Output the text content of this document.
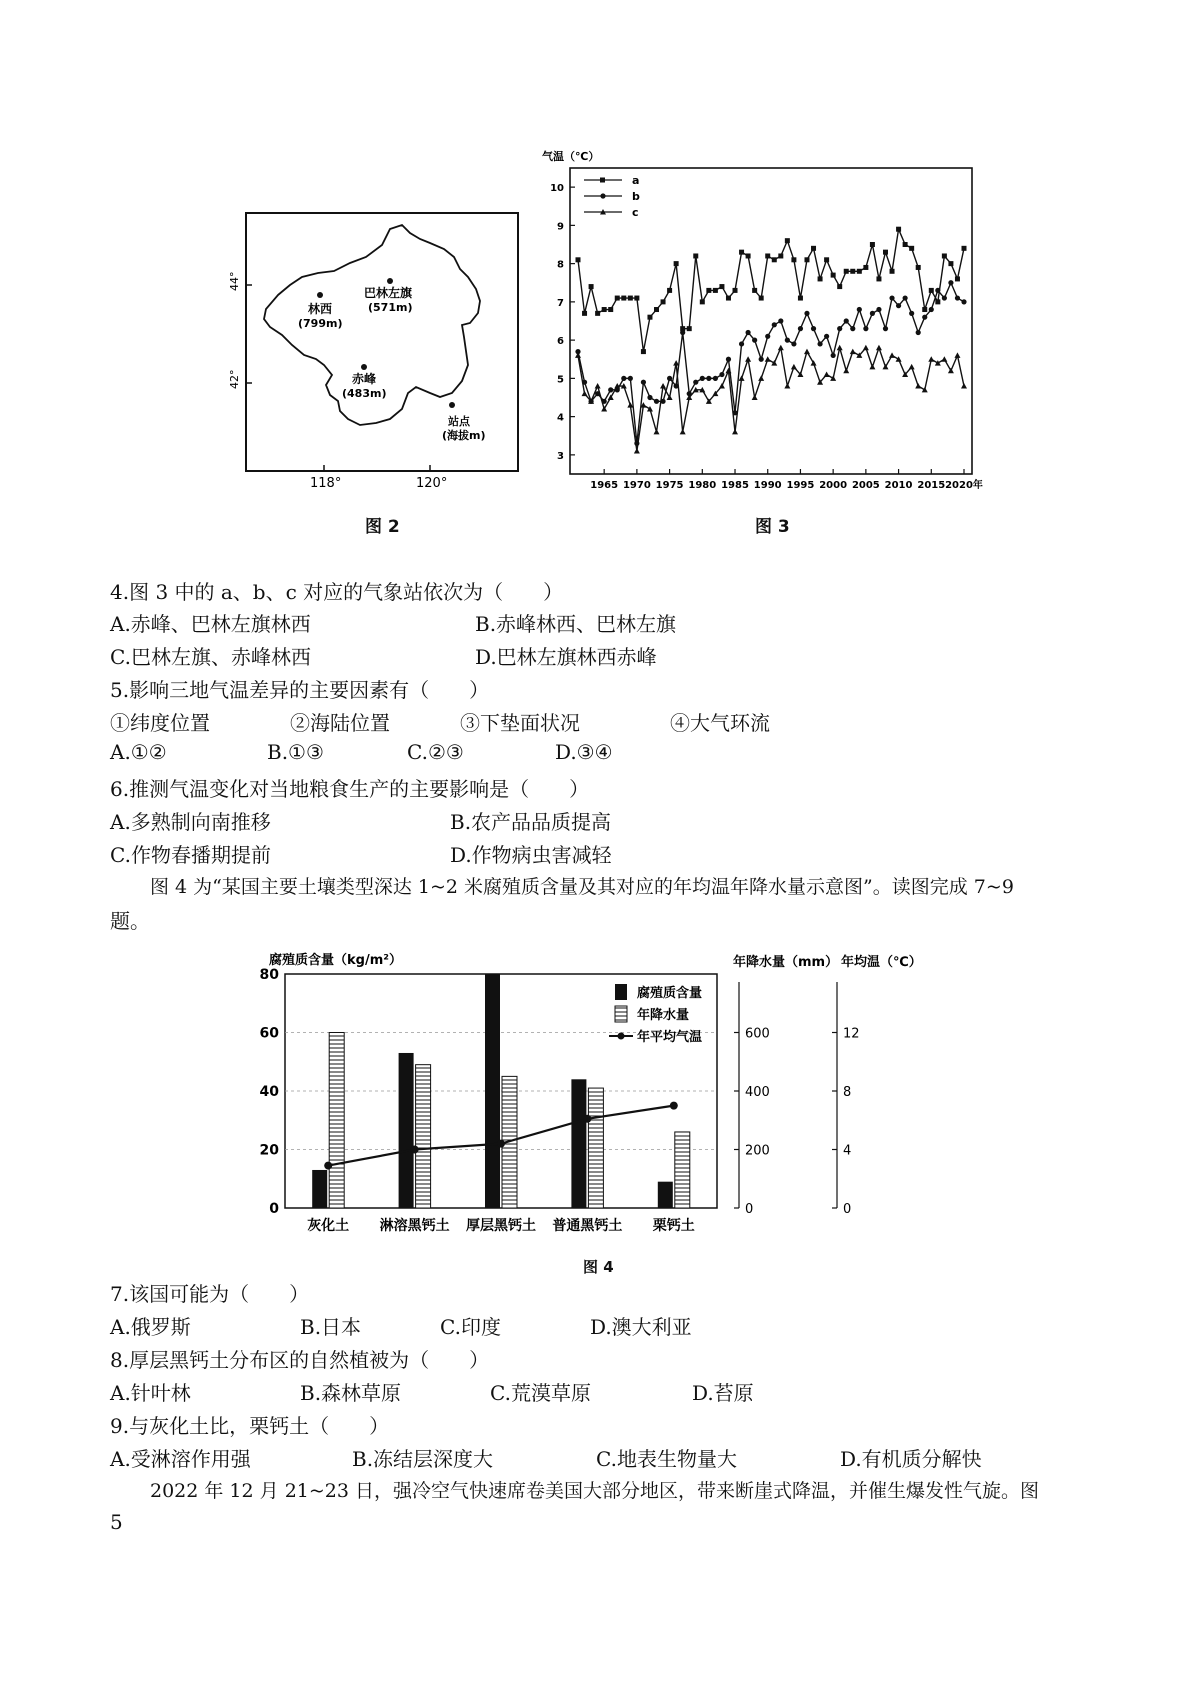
44°
42°
118°	120°
林西
(799m)
巴林左旗
(571m)
赤峰
(483m)
站点
(海拔m)
图 2
气温（℃）
3
4
5
6
7
8
9
10
1965 1970 1975 1980 1985 1990 1995 2000 2005 2010 2015 2020年
a
b
c
图 3
4.图 3 中的 a、b、c 对应的气象站依次为（　　）
A.赤峰、巴林左旗林西	B.赤峰林西、巴林左旗
C.巴林左旗、赤峰林西	D.巴林左旗林西赤峰
5.影响三地气温差异的主要因素有（　　）
①纬度位置	②海陆位置	③下垫面状况	④大气环流
A.①②	B.①③	C.②③	D.③④
6.推测气温变化对当地粮食生产的主要影响是（　　）
A.多熟制向南推移	B.农产品品质提高
C.作物春播期提前	D.作物病虫害减轻
图 4 为“某国主要土壤类型深达 1~2 米腐殖质含量及其对应的年均温年降水量示意图”。读图完成 7~9
题。
腐殖质含量（kg/m²）	年降水量（mm） 年均温（℃）
0
20
40
60
80
0
200
400
600
0
4
8
12
灰化土 淋溶黑钙土 厚层黑钙土 普通黑钙土 栗钙土
腐殖质含量
年降水量
年平均气温
图 4
7.该国可能为（　　）
A.俄罗斯	B.日本	C.印度	D.澳大利亚
8.厚层黑钙土分布区的自然植被为（　　）
A.针叶林	B.森林草原	C.荒漠草原	D.苔原
9.与灰化土比，栗钙土（　　）
A.受淋溶作用强	B.冻结层深度大	C.地表生物量大	D.有机质分解快
2022 年 12 月 21~23 日，强冷空气快速席卷美国大部分地区，带来断崖式降温，并催生爆发性气旋。图
5
